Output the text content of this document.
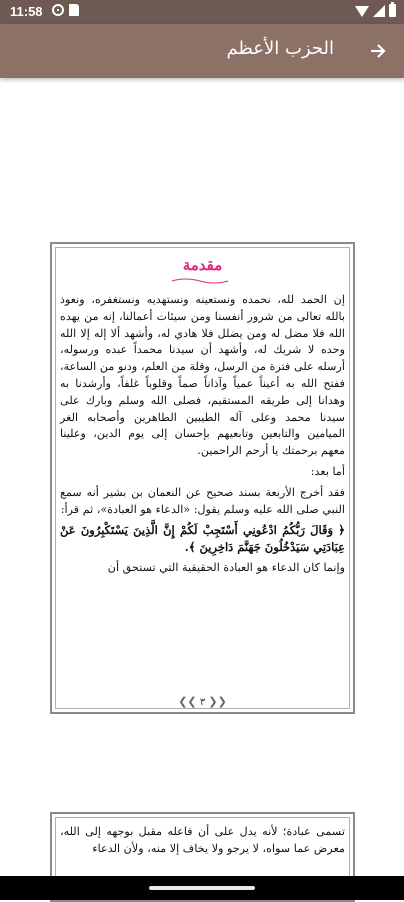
11:58
الحزب الأعظم
مقدمة

إن الحمد لله، نحمده ونستعينه ونستهديه ونستغفره، ونعوذ بالله تعالى من شرور أنفسنا ومن سيئات أعمالنا، إنه من يهده الله فلا مضل له ومن يضلل فلا هادي له، وأشهد ألا إله إلا الله وحده لا شريك له، وأشهد أن سيدنا محمداً عبده ورسوله، أرسله على فترة من الرسل، وقلة من العلم، ودنو من الساعة، ففتح الله به أعيناً عمياً وآذاناً صماً وقلوباً غلفاً، وأرشدنا به وهدانا إلى طريقه المستقيم، فصلى الله وسلم وبارك على سيدنا محمد وعلى آله الطيبين الطاهرين وأصحابه الغر الميامين والتابعين وتابعيهم بإحسان إلى يوم الدين، وعلينا معهم برحمتك يا أرحم الراحمين.

أما بعد:

فقد أخرج الأربعة بسند صحيح عن النعمان بن بشير أنه سمع النبي صلى الله عليه وسلم يقول: «الدعاء هو العبادة»، ثم قرأ:

﴿ وَقَالَ رَبُّكُمُ ادْعُونِي أَسْتَجِبْ لَكُمْ إِنَّ الَّذِينَ يَسْتَكْبِرُونَ عَنْ عِبَادَتِي سَيَدْخُلُونَ جَهَنَّمَ دَاخِرِينَ ﴾.

وإنما كان الدعاء هو العبادة الحقيقية التي تستحق أن

❮❮ ٣ ❯❯

تسمى عبادة؛ لأنه يدل على أن فاعله مقبل بوجهه إلى الله، معرض عما سواه، لا يرجو ولا يخاف إلا منه، ولأن الدعاء
